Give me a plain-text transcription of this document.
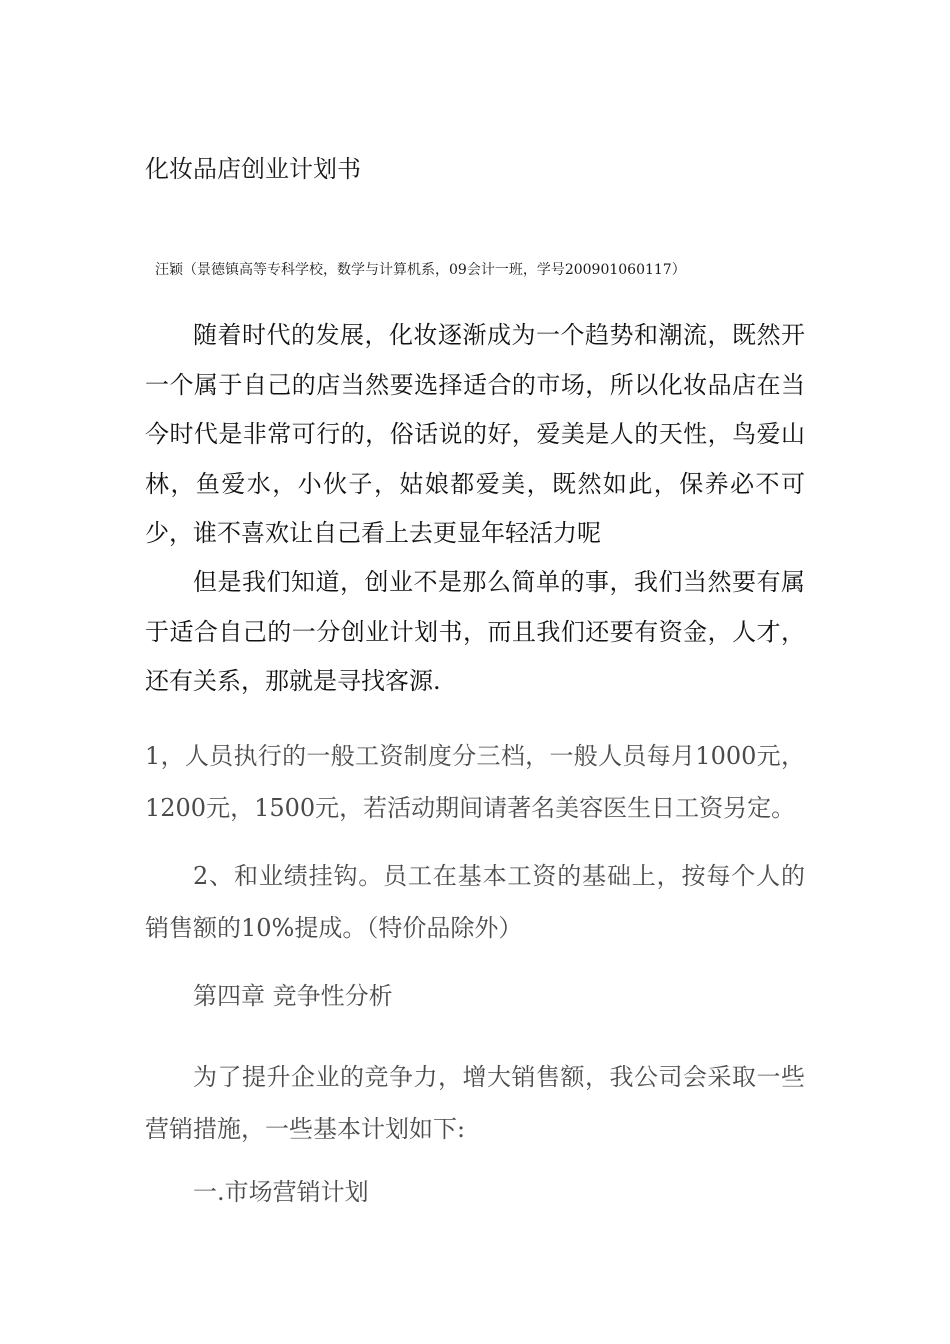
化妆品店创业计划书
汪颖（景德镇高等专科学校，数学与计算机系，09会计一班，学号200901060117）

随着时代的发展，化妆逐渐成为一个趋势和潮流，既然开一个属于自己的店当然要选择适合的市场，所以化妆品店在当今时代是非常可行的，俗话说的好，爱美是人的天性，鸟爱山林，鱼爱水，小伙子，姑娘都爱美，既然如此，保养必不可少，谁不喜欢让自己看上去更显年轻活力呢

但是我们知道，创业不是那么简单的事，我们当然要有属于适合自己的一分创业计划书，而且我们还要有资金，人才，还有关系，那就是寻找客源.

1，人员执行的一般工资制度分三档，一般人员每月1000元，1200元，1500元，若活动期间请著名美容医生日工资另定。

2、和业绩挂钩。员工在基本工资的基础上，按每个人的销售额的10%提成。（特价品除外）

第四章 竞争性分析

为了提升企业的竞争力，增大销售额，我公司会采取一些营销措施，一些基本计划如下:

一.市场营销计划
